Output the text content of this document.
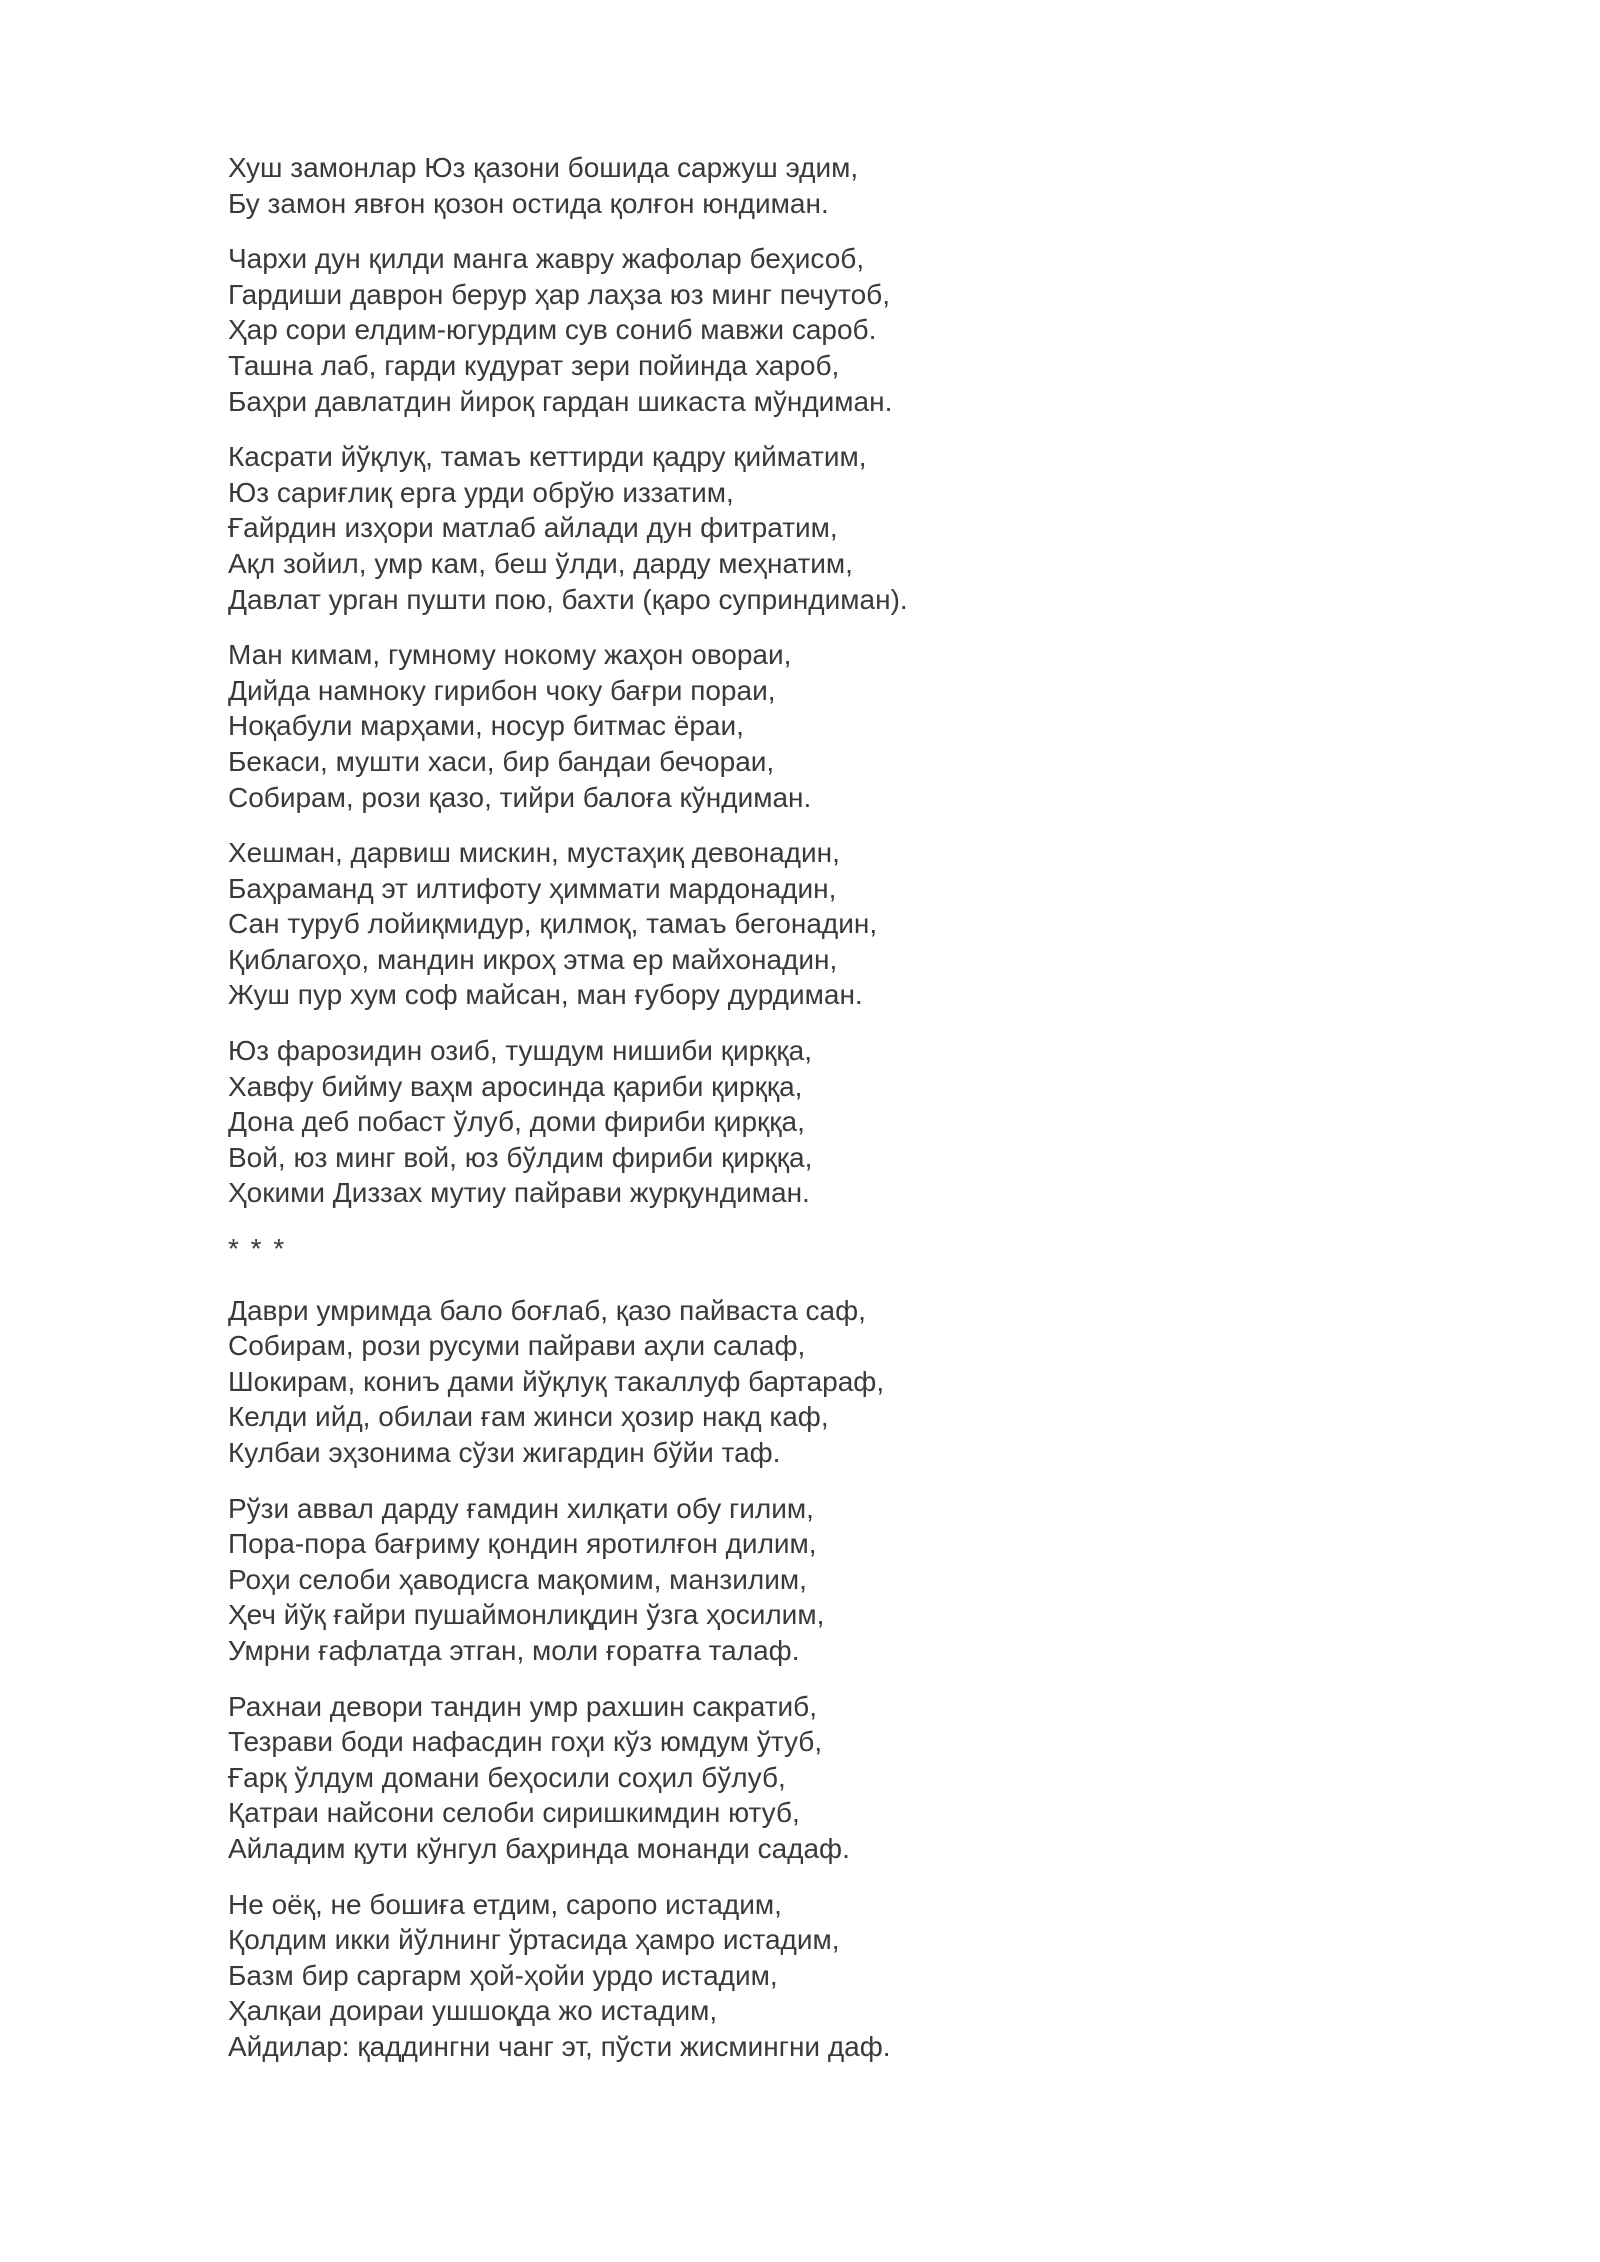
Хуш замонлар Юз қазони бошида саржуш эдим,
Бу замон явғон қозон остида қолғон юндиман.
Чархи дун қилди манга жавру жафолар беҳисоб,
Гардиши даврон берур ҳар лаҳза юз минг печутоб,
Ҳар сори елдим-югурдим сув сониб мавжи сароб.
Ташна лаб, гарди кудурат зери пойинда хароб,
Баҳри давлатдин йироқ гардан шикаста мўндиман.
Касрати йўқлуқ, тамаъ кеттирди қадру қийматим,
Юз сариғлиқ ерга урди обрўю иззатим,
Ғайрдин изҳори матлаб айлади дун фитратим,
Ақл зойил, умр кам, беш ўлди, дарду меҳнатим,
Давлат урган пушти пою, бахти (қаро суприндиман).
Ман кимам, гумному нокому жаҳон овораи,
Дийда намноку гирибон чоку бағри пораи,
Ноқабули марҳами, носур битмас ёраи,
Бекаси, мушти хаси, бир бандаи бечораи,
Собирам, рози қазо, тийри балоға кўндиман.
Хешман, дарвиш мискин, мустаҳиқ девонадин,
Баҳраманд эт илтифоту ҳиммати мардонадин,
Сан туруб лойиқмидур, қилмоқ, тамаъ бегонадин,
Қиблагоҳо, мандин икроҳ этма ер майхонадин,
Жуш пур хум соф майсан, ман ғубору дурдиман.
Юз фарозидин озиб, тушдум нишиби қирққа,
Хавфу бийму ваҳм аросинда қариби қирққа,
Дона деб побаст ўлуб, доми фириби қирққа,
Вой, юз минг вой, юз бўлдим фириби қирққа,
Ҳокими Диззах мутиу пайрави журқундиман.
* * *
Даври умримда бало боғлаб, қазо пайваста саф,
Собирам, рози русуми пайрави аҳли салаф,
Шокирам, кониъ дами йўқлуқ такаллуф бартараф,
Келди ийд, обилаи ғам жинси ҳозир накд каф,
Кулбаи эҳзонима сўзи жигардин бўйи таф.
Рўзи аввал дарду ғамдин хилқати обу гилим,
Пора-пора бағриму қондин яротилғон дилим,
Роҳи селоби ҳаводисга мақомим, манзилим,
Ҳеч йўқ ғайри пушаймонлиқдин ўзга ҳосилим,
Умрни ғафлатда этган, моли ғоратға талаф.
Рахнаи девори тандин умр рахшин сакратиб,
Тезрави боди нафасдин гоҳи кўз юмдум ўтуб,
Ғарқ ўлдум домани беҳосили соҳил бўлуб,
Қатраи найсони селоби сиришкимдин ютуб,
Айладим қути кўнгул баҳринда монанди садаф.
Не оёқ, не бошиға етдим, саропо истадим,
Қолдим икки йўлнинг ўртасида ҳамро истадим,
Базм бир саргарм ҳой-ҳойи урдо истадим,
Ҳалқаи доираи ушшоқда жо истадим,
Айдилар: қаддингни чанг эт, пўсти жисмингни даф.
